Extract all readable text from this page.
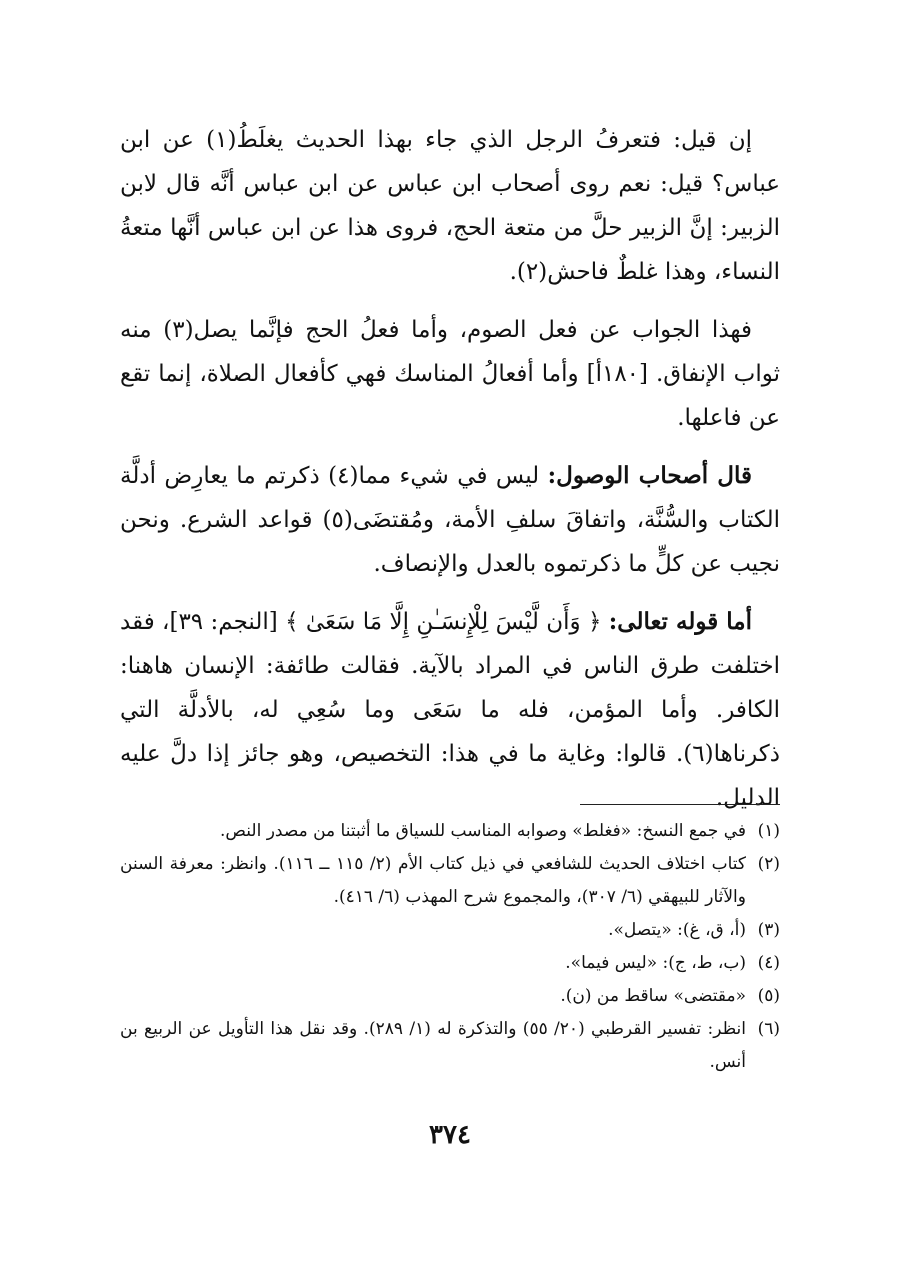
إن قيل: فتعرفُ الرجل الذي جاء بهذا الحديث يغلَطُ(١) عن ابن عباس؟ قيل: نعم روى أصحاب ابن عباس عن ابن عباس أنَّه قال لابن الزبير: إنَّ الزبير حلَّ من متعة الحج، فروى هذا عن ابن عباس أنَّها متعةُ النساء، وهذا غلطٌ فاحش(٢).

فهذا الجواب عن فعل الصوم، وأما فعلُ الحج فإنَّما يصل(٣) منه ثواب الإنفاق. [١٨٠أ] وأما أفعالُ المناسك فهي كأفعال الصلاة، إنما تقع عن فاعلها.

قال أصحاب الوصول: ليس في شيء مما(٤) ذكرتم ما يعارِض أدلَّة الكتاب والسُّنَّة، واتفاقَ سلفِ الأمة، ومُقتضَى(٥) قواعد الشرع. ونحن نجيب عن كلٍّ ما ذكرتموه بالعدل والإنصاف.

أما قوله تعالى: ﴿ وَأَن لَّيْسَ لِلْإِنسَـٰنِ إِلَّا مَا سَعَىٰ ﴾ [النجم: ٣٩]، فقد اختلفت طرق الناس في المراد بالآية. فقالت طائفة: الإنسان هاهنا: الكافر. وأما المؤمن، فله ما سَعَى وما سُعِي له، بالأدلَّة التي ذكرناها(٦). قالوا: وغاية ما في هذا: التخصيص، وهو جائز إذا دلَّ عليه الدليل.

(١)
في جمع النسخ: «فغلط» وصوابه المناسب للسياق ما أثبتنا من مصدر النص.
(٢)
كتاب اختلاف الحديث للشافعي في ذيل كتاب الأم (٢/ ١١٥ ــ ١١٦). وانظر: معرفة السنن والآثار للبيهقي (٦/ ٣٠٧)، والمجموع شرح المهذب (٦/ ٤١٦).
(٣)
(أ، ق، غ): «يتصل».
(٤)
(ب، ط، ج): «ليس فيما».
(٥)
«مقتضى» ساقط من (ن).
(٦)
انظر: تفسير القرطبي (٢٠/ ٥٥) والتذكرة له (١/ ٢٨٩). وقد نقل هذا التأويل عن الربيع بن أنس.
٣٧٤
